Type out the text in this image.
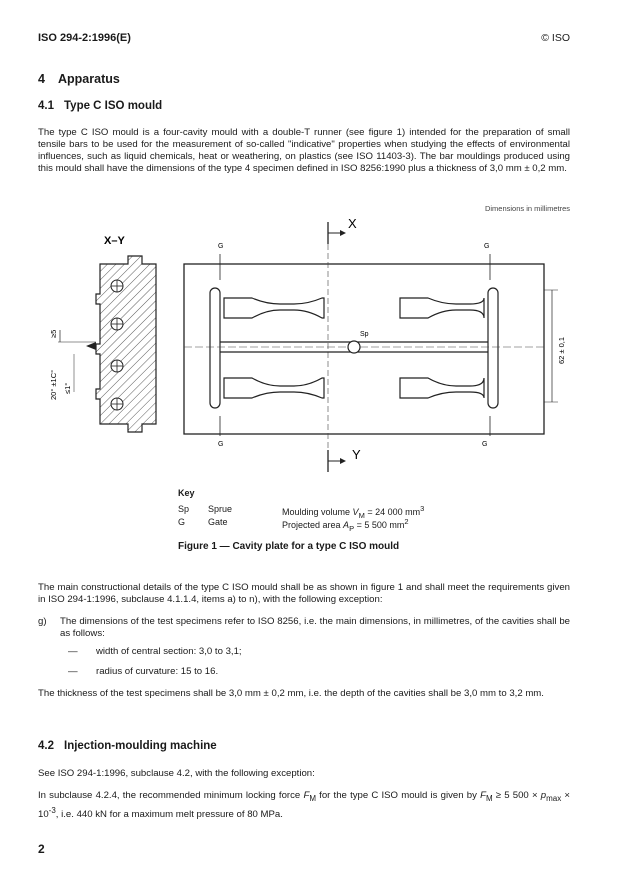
ISO 294-2:1996(E)	© ISO
4 Apparatus
4.1 Type C ISO mould
The type C ISO mould is a four-cavity mould with a double-T runner (see figure 1) intended for the preparation of small tensile bars to be used for the measurement of so-called "indicative" properties when studying the effects of environmental influences, such as liquid chemicals, heat or weathering, on plastics (see ISO 11403-3). The bar mouldings produced using this mould shall have the dimensions of the type 4 specimen defined in ISO 8256:1990 plus a thickness of 3,0 mm ± 0,2 mm.
Dimensions in millimetres
X–Y
≥5
20° ±1C° ≤1°
X
Y
Sp
G	G
G	G
62 ± 0,1
Key
Sp Sprue	Moulding volume $V_M = 24$ 000 $mm^3$
G	Gate	Projected area $A_P = 5$ 500 $mm^2$
Figure 1 — Cavity plate for a type C ISO mould
The main constructional details of the type C ISO mould shall be as shown in figure 1 and shall meet the requirements given in ISO 294-1:1996, subclause 4.1.1.4, items a) to n), with the following exception:
g) The dimensions of the test specimens refer to ISO 8256, i.e. the main dimensions, in millimetres, of the cavities shall be as follows:
— width of central section: 3,0 to 3,1;
— radius of curvature: 15 to 16.
The thickness of the test specimens shall be 3,0 mm ± 0,2 mm, i.e. the depth of the cavities shall be 3,0 mm to 3,2 mm.
4.2 Injection-moulding machine
See ISO 294-1:1996, subclause 4.2, with the following exception:
In subclause 4.2.4, the recommended minimum locking force $F_M$ for the type C ISO mould is given by $F_M \ge 5$ $500 \times p_{max} \times 10^{-3}$, i.e. 440 kN for a maximum melt pressure of 80 MPa.
2
